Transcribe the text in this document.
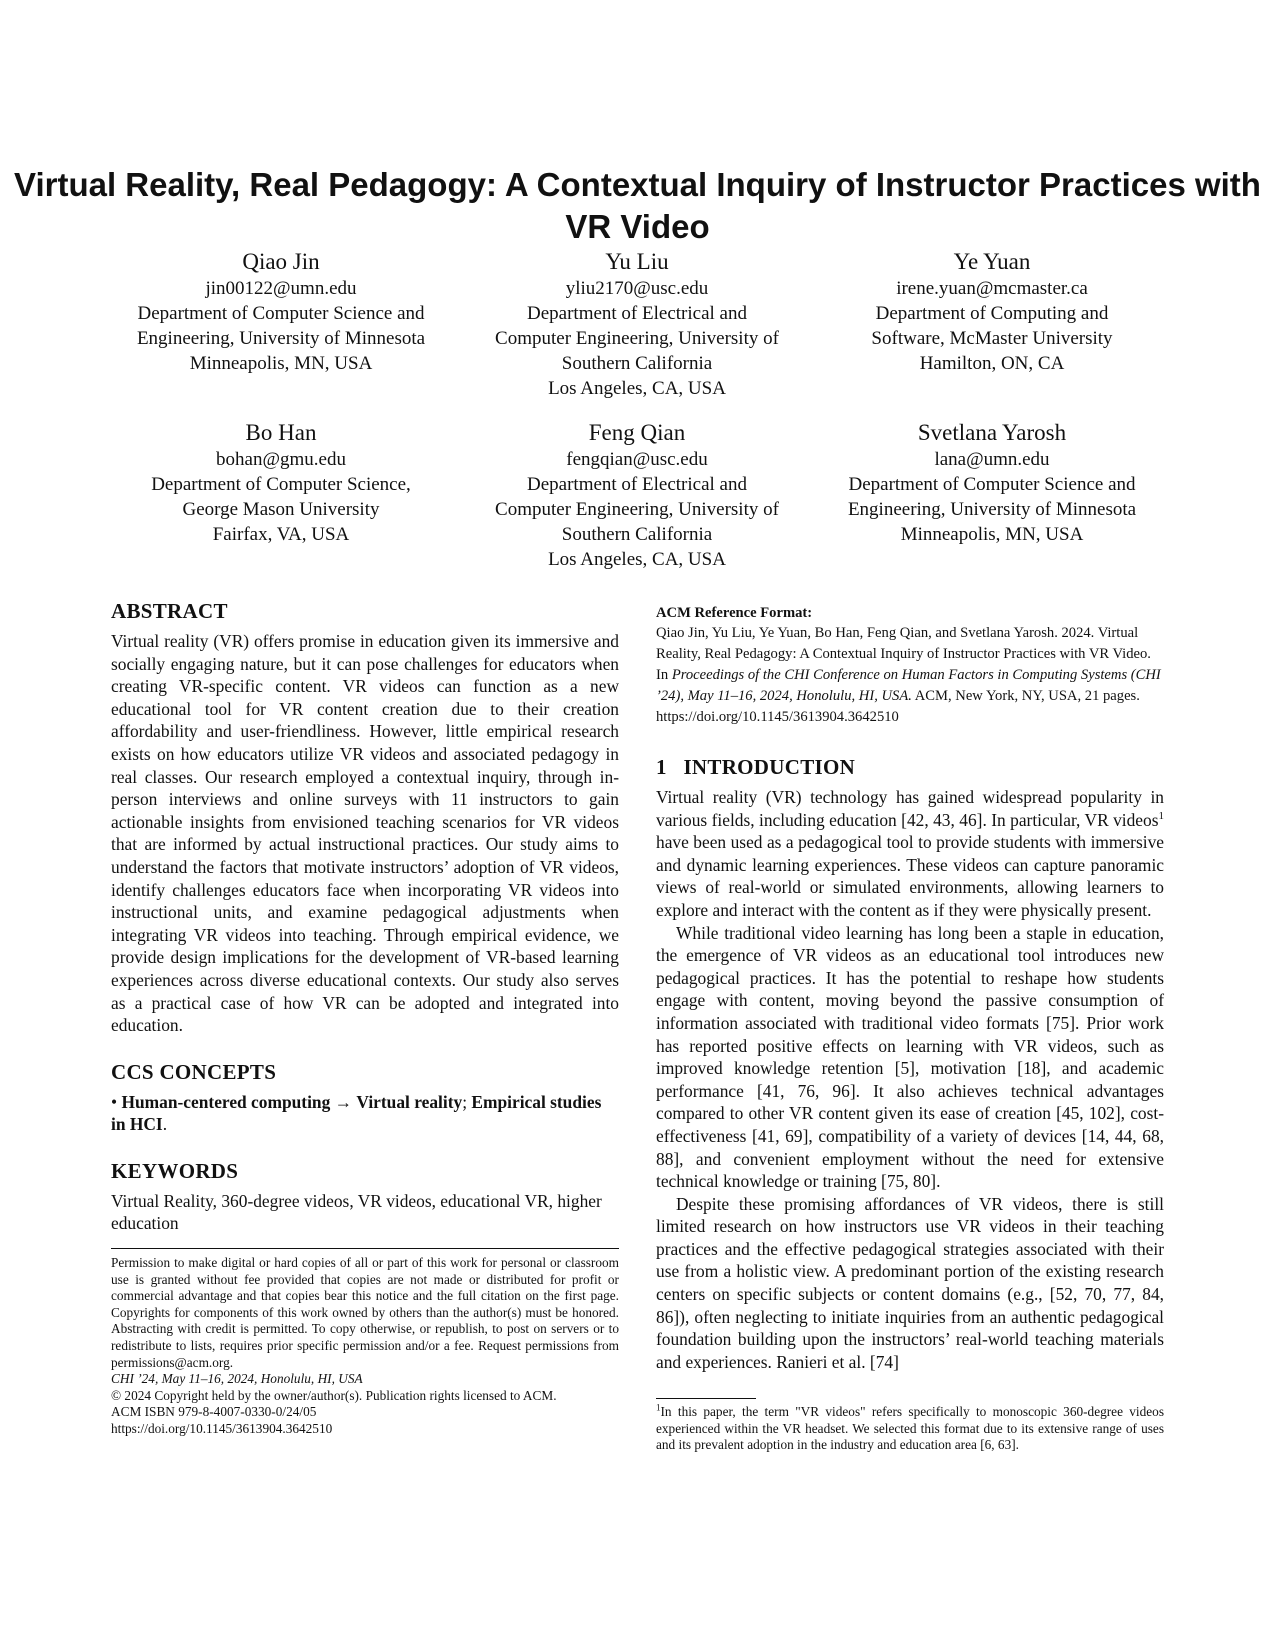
Virtual Reality, Real Pedagogy: A Contextual Inquiry of Instructor Practices with VR Video
Qiao Jin
jin00122@umn.edu
Department of Computer Science and
Engineering, University of Minnesota
Minneapolis, MN, USA
Yu Liu
yliu2170@usc.edu
Department of Electrical and
Computer Engineering, University of
Southern California
Los Angeles, CA, USA
Ye Yuan
irene.yuan@mcmaster.ca
Department of Computing and
Software, McMaster University
Hamilton, ON, CA
Bo Han
bohan@gmu.edu
Department of Computer Science,
George Mason University
Fairfax, VA, USA
Feng Qian
fengqian@usc.edu
Department of Electrical and
Computer Engineering, University of
Southern California
Los Angeles, CA, USA
Svetlana Yarosh
lana@umn.edu
Department of Computer Science and
Engineering, University of Minnesota
Minneapolis, MN, USA
ABSTRACT

Virtual reality (VR) offers promise in education given its immersive and socially engaging nature, but it can pose challenges for educators when creating VR-specific content. VR videos can function as a new educational tool for VR content creation due to their creation affordability and user-friendliness. However, little empirical research exists on how educators utilize VR videos and associated pedagogy in real classes. Our research employed a contextual inquiry, through in-person interviews and online surveys with 11 instructors to gain actionable insights from envisioned teaching scenarios for VR videos that are informed by actual instructional practices. Our study aims to understand the factors that motivate instructors’ adoption of VR videos, identify challenges educators face when incorporating VR videos into instructional units, and examine pedagogical adjustments when integrating VR videos into teaching. Through empirical evidence, we provide design implications for the development of VR-based learning experiences across diverse educational contexts. Our study also serves as a practical case of how VR can be adopted and integrated into education.

CCS CONCEPTS

• Human-centered computing → Virtual reality; Empirical studies in HCI.

KEYWORDS

Virtual Reality, 360-degree videos, VR videos, educational VR, higher education

Permission to make digital or hard copies of all or part of this work for personal or classroom use is granted without fee provided that copies are not made or distributed for profit or commercial advantage and that copies bear this notice and the full citation on the first page. Copyrights for components of this work owned by others than the author(s) must be honored. Abstracting with credit is permitted. To copy otherwise, or republish, to post on servers or to redistribute to lists, requires prior specific permission and/or a fee. Request permissions from permissions@acm.org.
CHI ’24, May 11–16, 2024, Honolulu, HI, USA
© 2024 Copyright held by the owner/author(s). Publication rights licensed to ACM.
ACM ISBN 979-8-4007-0330-0/24/05
https://doi.org/10.1145/3613904.3642510
ACM Reference Format:

Qiao Jin, Yu Liu, Ye Yuan, Bo Han, Feng Qian, and Svetlana Yarosh. 2024. Virtual Reality, Real Pedagogy: A Contextual Inquiry of Instructor Practices with VR Video. In Proceedings of the CHI Conference on Human Factors in Computing Systems (CHI ’24), May 11–16, 2024, Honolulu, HI, USA. ACM, New York, NY, USA, 21 pages. https://doi.org/10.1145/3613904.3642510

1   INTRODUCTION

Virtual reality (VR) technology has gained widespread popularity in various fields, including education [42, 43, 46]. In particular, VR videos$^1$ have been used as a pedagogical tool to provide students with immersive and dynamic learning experiences. These videos can capture panoramic views of real-world or simulated environments, allowing learners to explore and interact with the content as if they were physically present.

While traditional video learning has long been a staple in education, the emergence of VR videos as an educational tool introduces new pedagogical practices. It has the potential to reshape how students engage with content, moving beyond the passive consumption of information associated with traditional video formats [75]. Prior work has reported positive effects on learning with VR videos, such as improved knowledge retention [5], motivation [18], and academic performance [41, 76, 96]. It also achieves technical advantages compared to other VR content given its ease of creation [45, 102], cost-effectiveness [41, 69], compatibility of a variety of devices [14, 44, 68, 88], and convenient employment without the need for extensive technical knowledge or training [75, 80].

Despite these promising affordances of VR videos, there is still limited research on how instructors use VR videos in their teaching practices and the effective pedagogical strategies associated with their use from a holistic view. A predominant portion of the existing research centers on specific subjects or content domains (e.g., [52, 70, 77, 84, 86]), often neglecting to initiate inquiries from an authentic pedagogical foundation building upon the instructors’ real-world teaching materials and experiences. Ranieri et al. [74]

$^1$In this paper, the term "VR videos" refers specifically to monoscopic 360-degree videos experienced within the VR headset. We selected this format due to its extensive range of uses and its prevalent adoption in the industry and education area [6, 63].
